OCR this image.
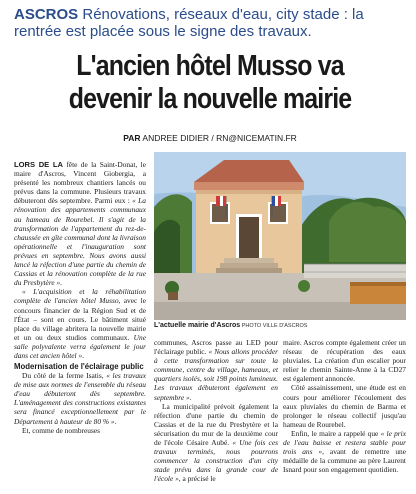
ASCROS Rénovations, réseaux d'eau, city stade : la rentrée est placée sous le signe des travaux.
L'ancien hôtel Musso va devenir la nouvelle mairie
PAR ANDREE DIDIER / RN@NICEMATIN.FR

LORS DE LA fête de la Saint-Donat, le maire d'Ascros, Vincent Giobergia, a présenté les nombreux chantiers lancés ou prévus dans la commune. Plusieurs travaux débuteront dès septembre. Parmi eux : « La rénovation des appartements communaux au hameau de Rourebel. Il s'agit de la transformation de l'appartement du rez-de-chaussée en gîte communal dont la livraison opérationnelle et l'inauguration sont prévues en septembre. Nous avons aussi lancé la réfection d'une partie du chemin de Cassias et la rénovation complète de la rue du Presbytère ».

« L'acquisition et la réhabilitation complète de l'ancien hôtel Musso, avec le concours financier de la Région Sud et de l'État – sont en cours. Le bâtiment situé place du village abritera la nouvelle mairie et un ou deux studios communaux. Une salle polyvalente verra également le jour dans cet ancien hôtel ».

Modernisation de l'éclairage public

Du côté de la ferme Isatis, « les travaux de mise aux normes de l'ensemble du réseau d'eau débuteront dès septembre. L'aménagement des constructions existantes sera financé exceptionnellement par le Département à hauteur de 80 % ».

Et, comme de nombreuses

L'actuelle mairie d'Ascros PHOTO VILLE D'ASCROS

communes, Ascros passe au LED pour l'éclairage public. « Nous allons procéder à cette transformation sur toute la commune, centre du village, hameaux, et quartiers isolés, soit 198 points lumineux. Les travaux débuteront également en septembre ».

La municipalité prévoit également la réfection d'une partie du chemin de Cassias et de la rue du Presbytère et la sécurisation du mur de la deuxième cour de l'école Césaire Aubé. « Une fois ces travaux terminés, nous pourrons commencer la construction d'un city stade prévu dans la grande cour de l'école », a précisé le

maire. Ascros compte également créer un réseau de récupération des eaux pluviales. La création d'un escalier pour relier le chemin Sainte-Anne à la CD27 est également annoncée.

Côté assainissement, une étude est en cours pour améliorer l'écoulement des eaux pluviales du chemin de Barma et prolonger le réseau collectif jusqu'au hameau de Rourebel.

Enfin, le maire a rappelé que « le prix de l'eau baisse et restera stable pour trois ans », avant de remettre une médaille de la commune au père Laurent Isnard pour son engagement quotidien.
